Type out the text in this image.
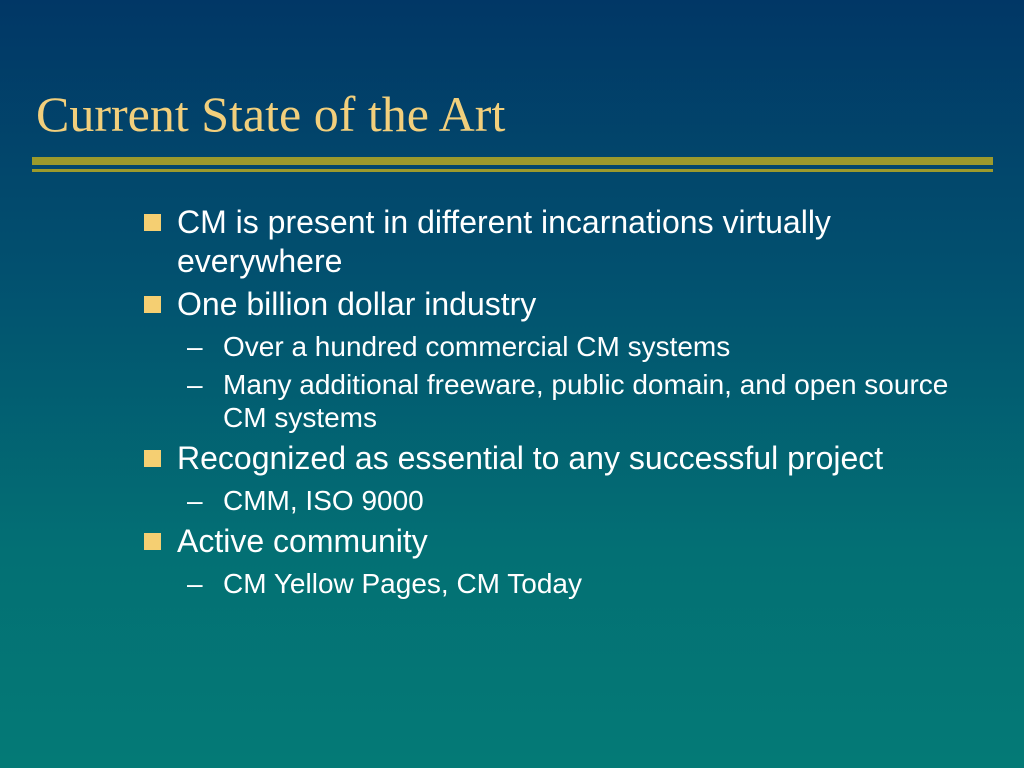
Current State of the Art
CM is present in different incarnations virtually everywhere
One billion dollar industry
– Over a hundred commercial CM systems
– Many additional freeware, public domain, and open source CM systems
Recognized as essential to any successful project
– CMM, ISO 9000
Active community
– CM Yellow Pages, CM Today
